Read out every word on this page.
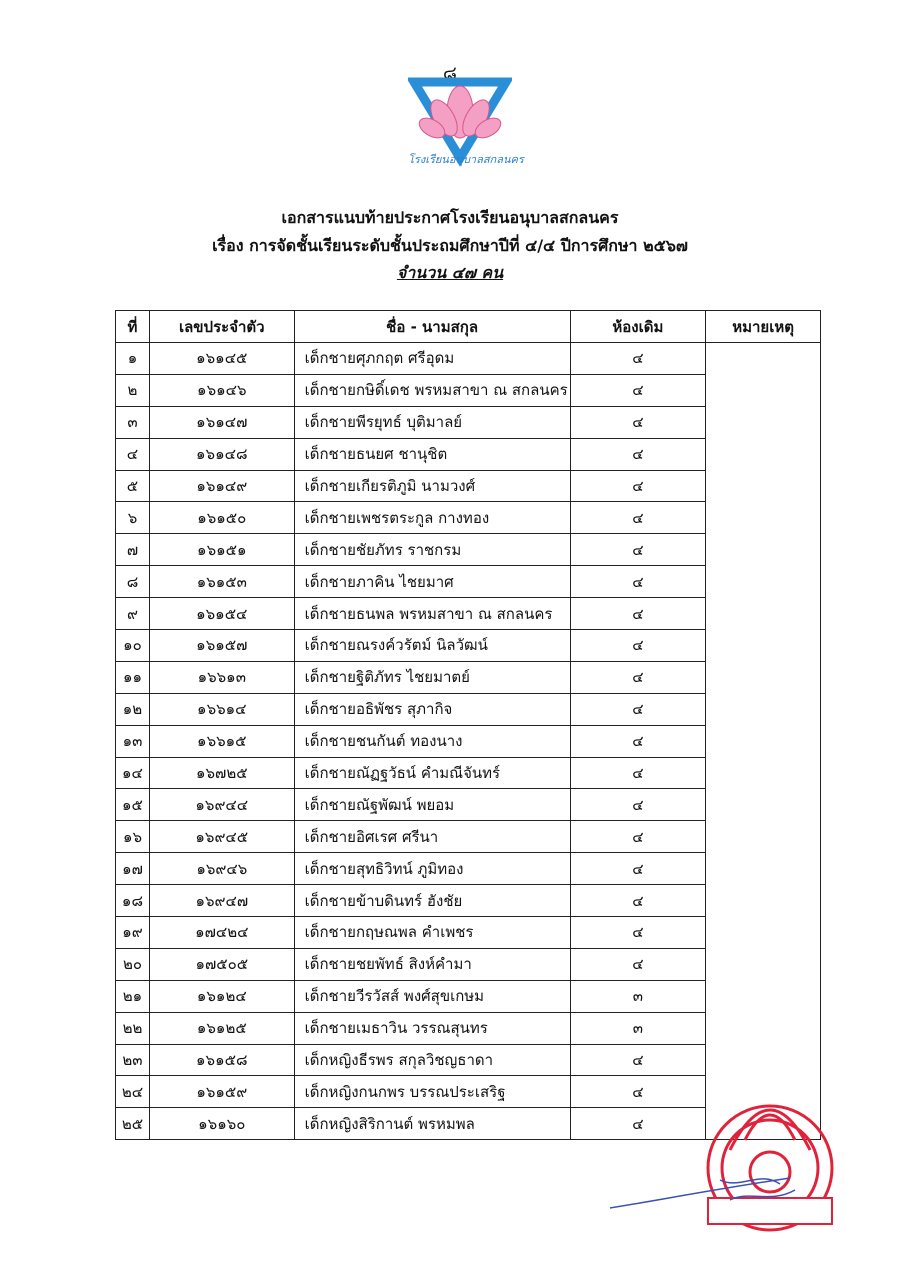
๘
โรงเรียนอนุบาลสกลนคร
เอกสารแนบท้ายประกาศโรงเรียนอนุบาลสกลนคร
เรื่อง การจัดชั้นเรียนระดับชั้นประถมศึกษาปีที่ ๔/๔ ปีการศึกษา ๒๕๖๗
จำนวน ๔๗ คน
ที่	เลขประจำตัว	ชื่อ - นามสกุล	ห้องเดิม	หมายเหตุ
๑	๑๖๑๔๕	เด็กชายศุภกฤต ศรีอุดม	๔	
๒	๑๖๑๔๖	เด็กชายกษิดิ์เดช พรหมสาขา ณ สกลนคร	๔	
๓	๑๖๑๔๗	เด็กชายพีรยุทธ์ บุติมาลย์	๔	
๔	๑๖๑๔๘	เด็กชายธนยศ ชานุชิต	๔	
๕	๑๖๑๔๙	เด็กชายเกียรติภูมิ นามวงศ์	๔	
๖	๑๖๑๕๐	เด็กชายเพชรตระกูล กางทอง	๔	
๗	๑๖๑๕๑	เด็กชายชัยภัทร ราชกรม	๔	
๘	๑๖๑๕๓	เด็กชายภาคิน ไชยมาศ	๔	
๙	๑๖๑๕๔	เด็กชายธนพล พรหมสาขา ณ สกลนคร	๔	
๑๐	๑๖๑๕๗	เด็กชายณรงค์วรัตม์ นิลวัฒน์	๔	
๑๑	๑๖๖๑๓	เด็กชายฐิติภัทร ไชยมาตย์	๔	
๑๒	๑๖๖๑๔	เด็กชายอธิพัชร สุภากิจ	๔	
๑๓	๑๖๖๑๕	เด็กชายชนกันต์ ทองนาง	๔	
๑๔	๑๖๗๒๕	เด็กชายณัฏฐวัธน์ คำมณีจันทร์	๔	
๑๕	๑๖๙๔๔	เด็กชายณัฐพัฒน์ พยอม	๔	
๑๖	๑๖๙๔๕	เด็กชายอิศเรศ ศรีนา	๔	
๑๗	๑๖๙๔๖	เด็กชายสุทธิวิทน์ ภูมิทอง	๔	
๑๘	๑๖๙๔๗	เด็กชายข้าบดินทร์ ฮังชัย	๔	
๑๙	๑๗๔๒๔	เด็กชายกฤษณพล คำเพชร	๔	
๒๐	๑๗๕๐๕	เด็กชายชยพัทธ์ สิงห์คำมา	๔	
๒๑	๑๖๑๒๔	เด็กชายวีรวัสส์ พงศ์สุขเกษม	๓	
๒๒	๑๖๑๒๕	เด็กชายเมธาวิน วรรณสุนทร	๓	
๒๓	๑๖๑๕๘	เด็กหญิงธีรพร สกุลวิชญธาดา	๔	
๒๔	๑๖๑๕๙	เด็กหญิงกนกพร บรรณประเสริฐ	๔	
๒๕	๑๖๑๖๐	เด็กหญิงสิริกานต์ พรหมพล	๔	
